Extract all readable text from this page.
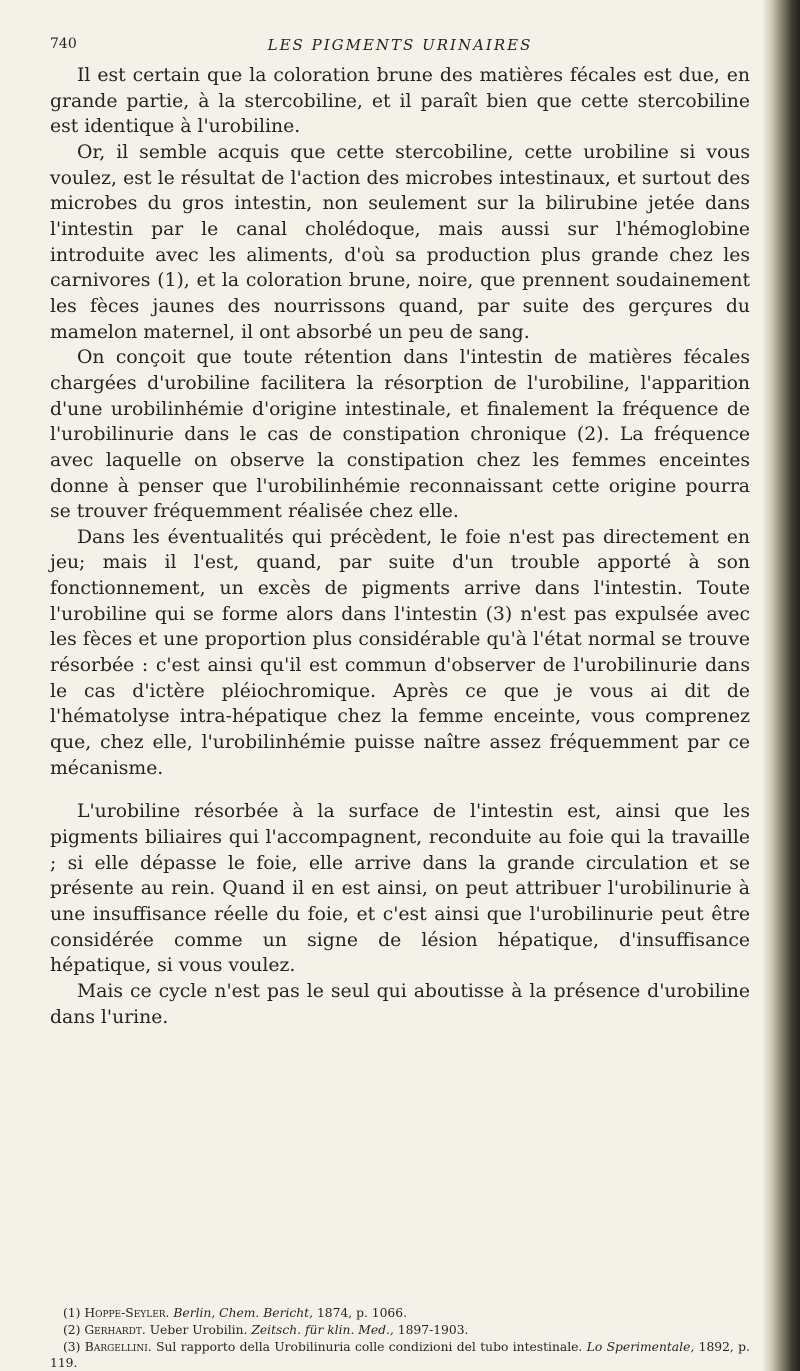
740	LES PIGMENTS URINAIRES

Il est certain que la coloration brune des matières fécales est due, en grande partie, à la stercobiline, et il paraît bien que cette stercobiline est identique à l'urobiline.

Or, il semble acquis que cette stercobiline, cette urobiline si vous voulez, est le résultat de l'action des microbes intestinaux, et surtout des microbes du gros intestin, non seulement sur la bilirubine jetée dans l'intestin par le canal cholédoque, mais aussi sur l'hémoglobine introduite avec les aliments, d'où sa production plus grande chez les carnivores (1), et la coloration brune, noire, que prennent soudainement les fèces jaunes des nourrissons quand, par suite des gerçures du mamelon maternel, il ont absorbé un peu de sang.

On conçoit que toute rétention dans l'intestin de matières fécales chargées d'urobiline facilitera la résorption de l'urobiline, l'apparition d'une urobilinhémie d'origine intestinale, et finalement la fréquence de l'urobilinurie dans le cas de constipation chronique (2). La fréquence avec laquelle on observe la constipation chez les femmes enceintes donne à penser que l'urobilinhémie reconnaissant cette origine pourra se trouver fréquemment réalisée chez elle.

Dans les éventualités qui précèdent, le foie n'est pas directement en jeu; mais il l'est, quand, par suite d'un trouble apporté à son fonctionnement, un excès de pigments arrive dans l'intestin. Toute l'urobiline qui se forme alors dans l'intestin (3) n'est pas expulsée avec les fèces et une proportion plus considérable qu'à l'état normal se trouve résorbée : c'est ainsi qu'il est commun d'observer de l'urobilinurie dans le cas d'ictère pléiochromique. Après ce que je vous ai dit de l'hématolyse intra-hépatique chez la femme enceinte, vous comprenez que, chez elle, l'urobilinhémie puisse naître assez fréquemment par ce mécanisme.

L'urobiline résorbée à la surface de l'intestin est, ainsi que les pigments biliaires qui l'accompagnent, reconduite au foie qui la travaille ; si elle dépasse le foie, elle arrive dans la grande circulation et se présente au rein. Quand il en est ainsi, on peut attribuer l'urobilinurie à une insuffisance réelle du foie, et c'est ainsi que l'urobilinurie peut être considérée comme un signe de lésion hépatique, d'insuffisance hépatique, si vous voulez.

Mais ce cycle n'est pas le seul qui aboutisse à la présence d'urobiline dans l'urine.

(1) Hoppe-Seyler. Berlin, Chem. Bericht, 1874, p. 1066.

(2) Gerhardt. Ueber Urobilin. Zeitsch. für klin. Med., 1897-1903.

(3) Bargellini. Sul rapporto della Urobilinuria colle condizioni del tubo intestinale. Lo Sperimentale, 1892, p. 119.
